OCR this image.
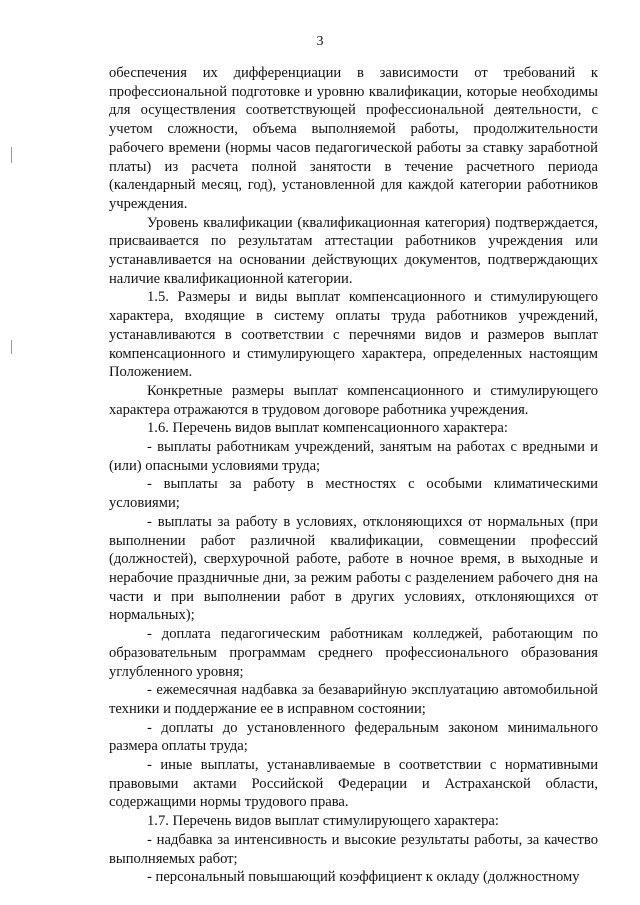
3

обеспечения их дифференциации в зависимости от требований к профессиональной подготовке и уровню квалификации, которые необходимы для осуществления соответствующей профессиональной деятельности, с учетом сложности, объема выполняемой работы, продолжительности рабочего времени (нормы часов педагогической работы за ставку заработной платы) из расчета полной занятости в течение расчетного периода (календарный месяц, год), установленной для каждой категории работников учреждения.

Уровень квалификации (квалификационная категория) подтверждается, присваивается по результатам аттестации работников учреждения или устанавливается на основании действующих документов, подтверждающих наличие квалификационной категории.

1.5. Размеры и виды выплат компенсационного и стимулирующего характера, входящие в систему оплаты труда работников учреждений, устанавливаются в соответствии с перечнями видов и размеров выплат компенсационного и стимулирующего характера, определенных настоящим Положением.

Конкретные размеры выплат компенсационного и стимулирующего характера отражаются в трудовом договоре работника учреждения.

1.6. Перечень видов выплат компенсационного характера:

- выплаты работникам учреждений, занятым на работах с вредными и (или) опасными условиями труда;

- выплаты за работу в местностях с особыми климатическими условиями;

- выплаты за работу в условиях, отклоняющихся от нормальных (при выполнении работ различной квалификации, совмещении профессий (должностей), сверхурочной работе, работе в ночное время, в выходные и нерабочие праздничные дни, за режим работы с разделением рабочего дня на части и при выполнении работ в других условиях, отклоняющихся от нормальных);

- доплата педагогическим работникам колледжей, работающим по образовательным программам среднего профессионального образования углубленного уровня;

- ежемесячная надбавка за безаварийную эксплуатацию автомобильной техники и поддержание ее в исправном состоянии;

- доплаты до установленного федеральным законом минимального размера оплаты труда;

- иные выплаты, устанавливаемые в соответствии с нормативными правовыми актами Российской Федерации и Астраханской области, содержащими нормы трудового права.

1.7. Перечень видов выплат стимулирующего характера:

- надбавка за интенсивность и высокие результаты работы, за качество выполняемых работ;

- персональный повышающий коэффициент к окладу (должностному
